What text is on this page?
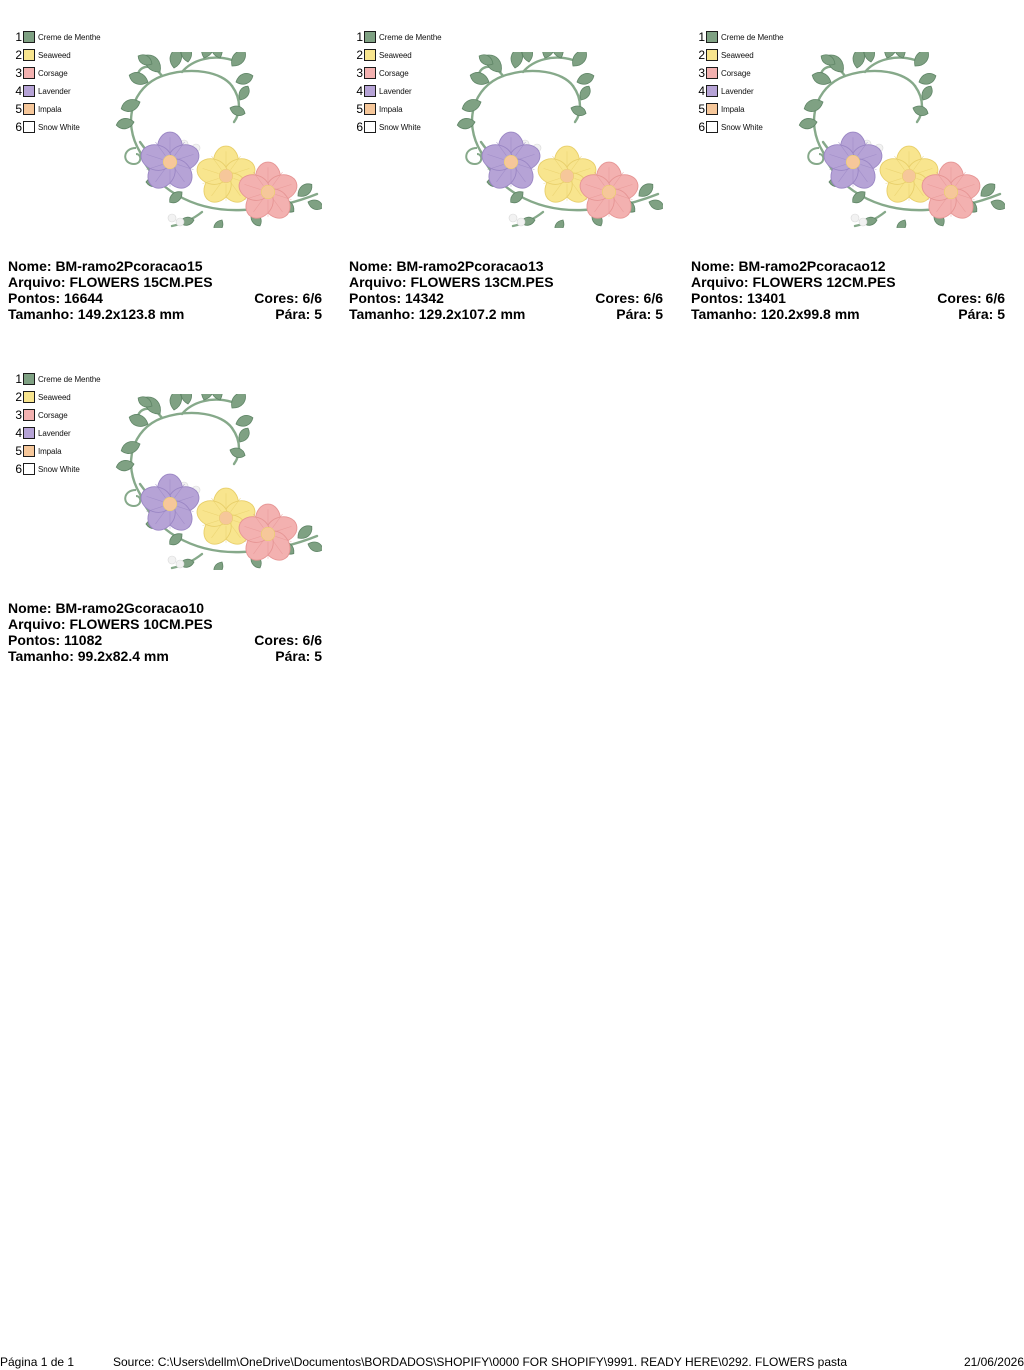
1 Creme de Menthe
2 Seaweed
3 Corsage
4 Lavender
5 Impala
6 Snow White
Nome: BM-ramo2Pcoracao15
Arquivo: FLOWERS 15CM.PES
Pontos: 16644	Cores: 6/6
Tamanho: 149.2x123.8 mm	Pára: 5
1 Creme de Menthe
2 Seaweed
3 Corsage
4 Lavender
5 Impala
6 Snow White
Nome: BM-ramo2Pcoracao13
Arquivo: FLOWERS 13CM.PES
Pontos: 14342	Cores: 6/6
Tamanho: 129.2x107.2 mm	Pára: 5
1 Creme de Menthe
2 Seaweed
3 Corsage
4 Lavender
5 Impala
6 Snow White
Nome: BM-ramo2Pcoracao12
Arquivo: FLOWERS 12CM.PES
Pontos: 13401	Cores: 6/6
Tamanho: 120.2x99.8 mm	Pára: 5
1 Creme de Menthe
2 Seaweed
3 Corsage
4 Lavender
5 Impala
6 Snow White
Nome: BM-ramo2Gcoracao10
Arquivo: FLOWERS 10CM.PES
Pontos: 11082	Cores: 6/6
Tamanho: 99.2x82.4 mm	Pára: 5
Página 1 de 1	Source: C:\Users\dellm\OneDrive\Documentos\BORDADOS\SHOPIFY\0000 FOR SHOPIFY\9991. READY HERE\0292. FLOWERS pasta	21/06/2026
